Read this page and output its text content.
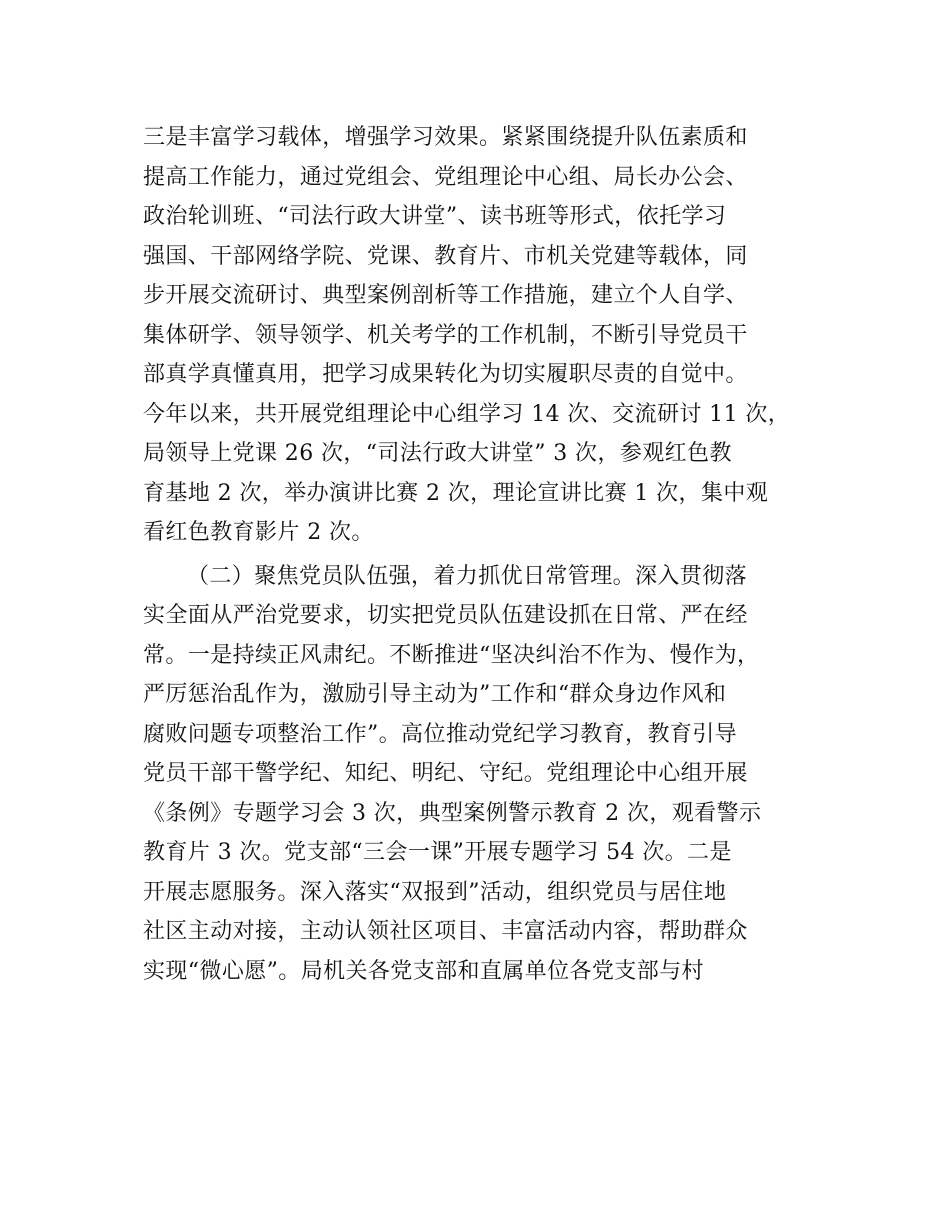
三是丰富学习载体，增强学习效果。紧紧围绕提升队伍素质和
提高工作能力，通过党组会、党组理论中心组、局长办公会、
政治轮训班、“司法行政大讲堂”、读书班等形式，依托学习
强国、干部网络学院、党课、教育片、市机关党建等载体，同
步开展交流研讨、典型案例剖析等工作措施，建立个人自学、
集体研学、领导领学、机关考学的工作机制，不断引导党员干
部真学真懂真用，把学习成果转化为切实履职尽责的自觉中。
今年以来，共开展党组理论中心组学习 14 次、交流研讨 11 次，
局领导上党课 26 次，“司法行政大讲堂” 3 次，参观红色教
育基地 2 次，举办演讲比赛 2 次，理论宣讲比赛 1 次，集中观
看红色教育影片 2 次。

（二）聚焦党员队伍强，着力抓优日常管理。深入贯彻落
实全面从严治党要求，切实把党员队伍建设抓在日常、严在经
常。一是持续正风肃纪。不断推进“坚决纠治不作为、慢作为，
严厉惩治乱作为，激励引导主动为”工作和“群众身边作风和
腐败问题专项整治工作”。高位推动党纪学习教育，教育引导
党员干部干警学纪、知纪、明纪、守纪。党组理论中心组开展
《条例》专题学习会 3 次，典型案例警示教育 2 次，观看警示
教育片 3 次。党支部“三会一课”开展专题学习 54 次。二是
开展志愿服务。深入落实“双报到”活动，组织党员与居住地
社区主动对接，主动认领社区项目、丰富活动内容，帮助群众
实现“微心愿”。局机关各党支部和直属单位各党支部与村
